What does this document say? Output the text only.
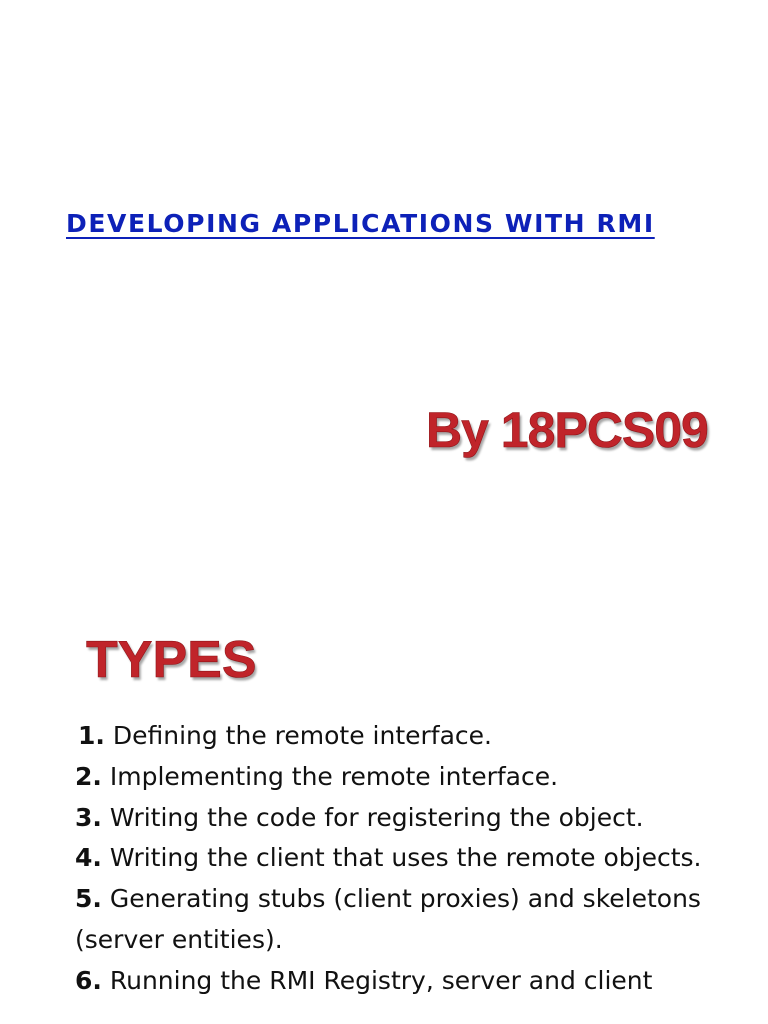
DEVELOPING APPLICATIONS WITH RMI
By 18PCS09
TYPES
1. Defining the remote interface.
2. Implementing the remote interface.
3. Writing the code for registering the object.
4. Writing the client that uses the remote objects.
5. Generating stubs (client proxies) and skeletons (server entities).
6. Running the RMI Registry, server and client
